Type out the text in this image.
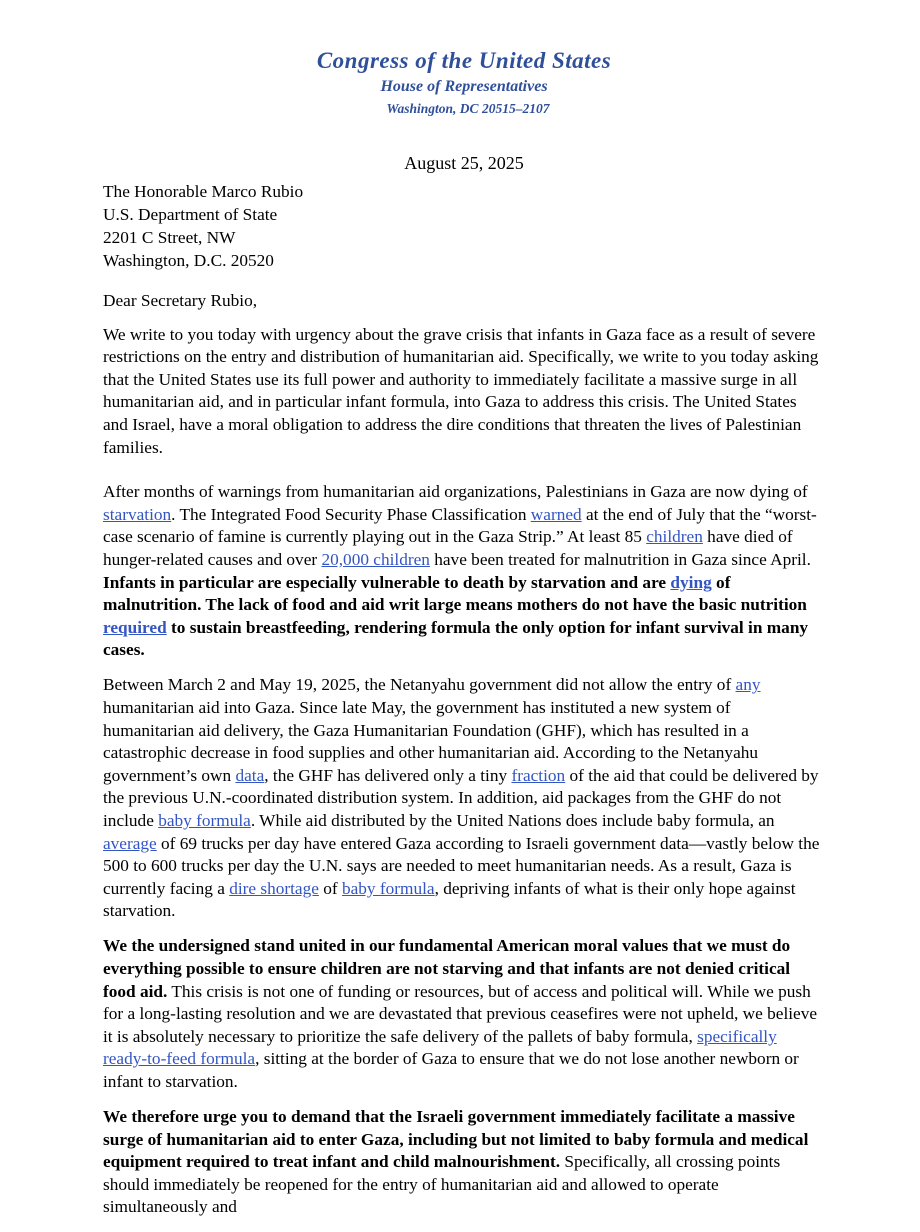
Congress of the United States
House of Representatives
Washington, DC 20515–2107
August 25, 2025
The Honorable Marco Rubio
U.S. Department of State
2201 C Street, NW
Washington, D.C. 20520

Dear Secretary Rubio,

We write to you today with urgency about the grave crisis that infants in Gaza face as a result of severe restrictions on the entry and distribution of humanitarian aid. Specifically, we write to you today asking that the United States use its full power and authority to immediately facilitate a massive surge in all humanitarian aid, and in particular infant formula, into Gaza to address this crisis. The United States and Israel, have a moral obligation to address the dire conditions that threaten the lives of Palestinian families.

After months of warnings from humanitarian aid organizations, Palestinians in Gaza are now dying of starvation. The Integrated Food Security Phase Classification warned at the end of July that the “worst-case scenario of famine is currently playing out in the Gaza Strip.” At least 85 children have died of hunger-related causes and over 20,000 children have been treated for malnutrition in Gaza since April. Infants in particular are especially vulnerable to death by starvation and are dying of malnutrition. The lack of food and aid writ large means mothers do not have the basic nutrition required to sustain breastfeeding, rendering formula the only option for infant survival in many cases.

Between March 2 and May 19, 2025, the Netanyahu government did not allow the entry of any humanitarian aid into Gaza. Since late May, the government has instituted a new system of humanitarian aid delivery, the Gaza Humanitarian Foundation (GHF), which has resulted in a catastrophic decrease in food supplies and other humanitarian aid. According to the Netanyahu government’s own data, the GHF has delivered only a tiny fraction of the aid that could be delivered by the previous U.N.-coordinated distribution system. In addition, aid packages from the GHF do not include baby formula. While aid distributed by the United Nations does include baby formula, an average of 69 trucks per day have entered Gaza according to Israeli government data—vastly below the 500 to 600 trucks per day the U.N. says are needed to meet humanitarian needs. As a result, Gaza is currently facing a dire shortage of baby formula, depriving infants of what is their only hope against starvation.

We the undersigned stand united in our fundamental American moral values that we must do everything possible to ensure children are not starving and that infants are not denied critical food aid. This crisis is not one of funding or resources, but of access and political will. While we push for a long-lasting resolution and we are devastated that previous ceasefires were not upheld, we believe it is absolutely necessary to prioritize the safe delivery of the pallets of baby formula, specifically ready-to-feed formula, sitting at the border of Gaza to ensure that we do not lose another newborn or infant to starvation.

We therefore urge you to demand that the Israeli government immediately facilitate a massive surge of humanitarian aid to enter Gaza, including but not limited to baby formula and medical equipment required to treat infant and child malnourishment. Specifically, all crossing points should immediately be reopened for the entry of humanitarian aid and allowed to operate simultaneously and
